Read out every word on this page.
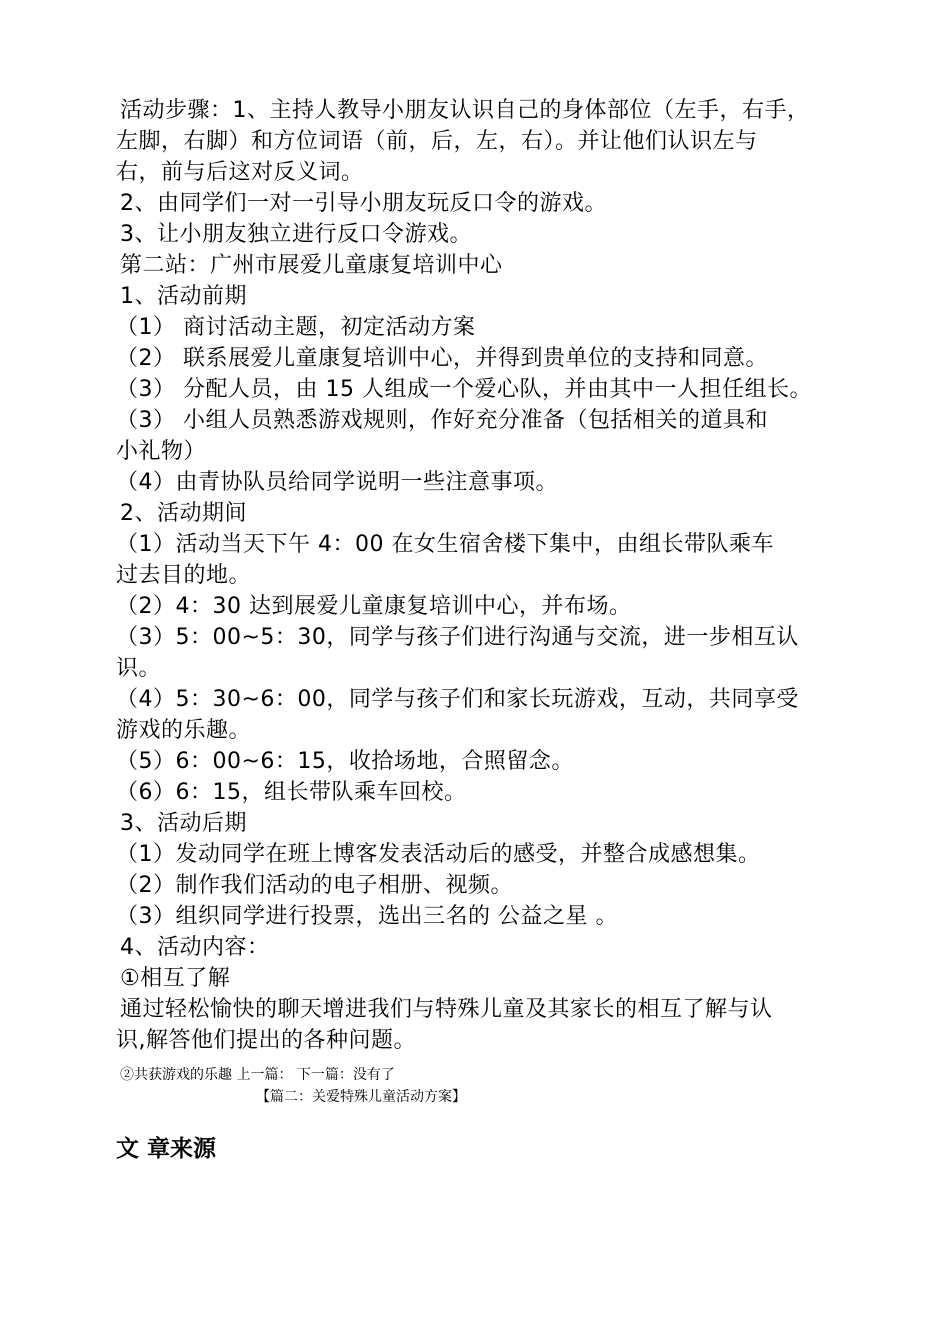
活动步骤：1、主持人教导小朋友认识自己的身体部位（左手，右手，
左脚，右脚）和方位词语（前，后，左，右）。并让他们认识左与
右，前与后这对反义词。
2、由同学们一对一引导小朋友玩反口令的游戏。
3、让小朋友独立进行反口令游戏。
第二站：广州市展爱儿童康复培训中心
1、活动前期
（1） 商讨活动主题，初定活动方案
（2） 联系展爱儿童康复培训中心，并得到贵单位的支持和同意。
（3） 分配人员，由 15 人组成一个爱心队，并由其中一人担任组长。
（3） 小组人员熟悉游戏规则，作好充分准备（包括相关的道具和
小礼物）
（4）由青协队员给同学说明一些注意事项。
2、活动期间
（1）活动当天下午 4：00 在女生宿舍楼下集中，由组长带队乘车
过去目的地。
（2）4：30 达到展爱儿童康复培训中心，并布场。
（3）5：00~5：30，同学与孩子们进行沟通与交流，进一步相互认
识。
（4）5：30~6：00，同学与孩子们和家长玩游戏，互动，共同享受
游戏的乐趣。
（5）6：00~6：15，收拾场地，合照留念。
（6）6：15，组长带队乘车回校。
3、活动后期
（1）发动同学在班上博客发表活动后的感受，并整合成感想集。
（2）制作我们活动的电子相册、视频。
（3）组织同学进行投票，选出三名的 公益之星 。
4、活动内容：
①相互了解
通过轻松愉快的聊天增进我们与特殊儿童及其家长的相互了解与认
识,解答他们提出的各种问题。
②共获游戏的乐趣 上一篇： 下一篇：没有了
【篇二：关爱特殊儿童活动方案】
文 章来源
